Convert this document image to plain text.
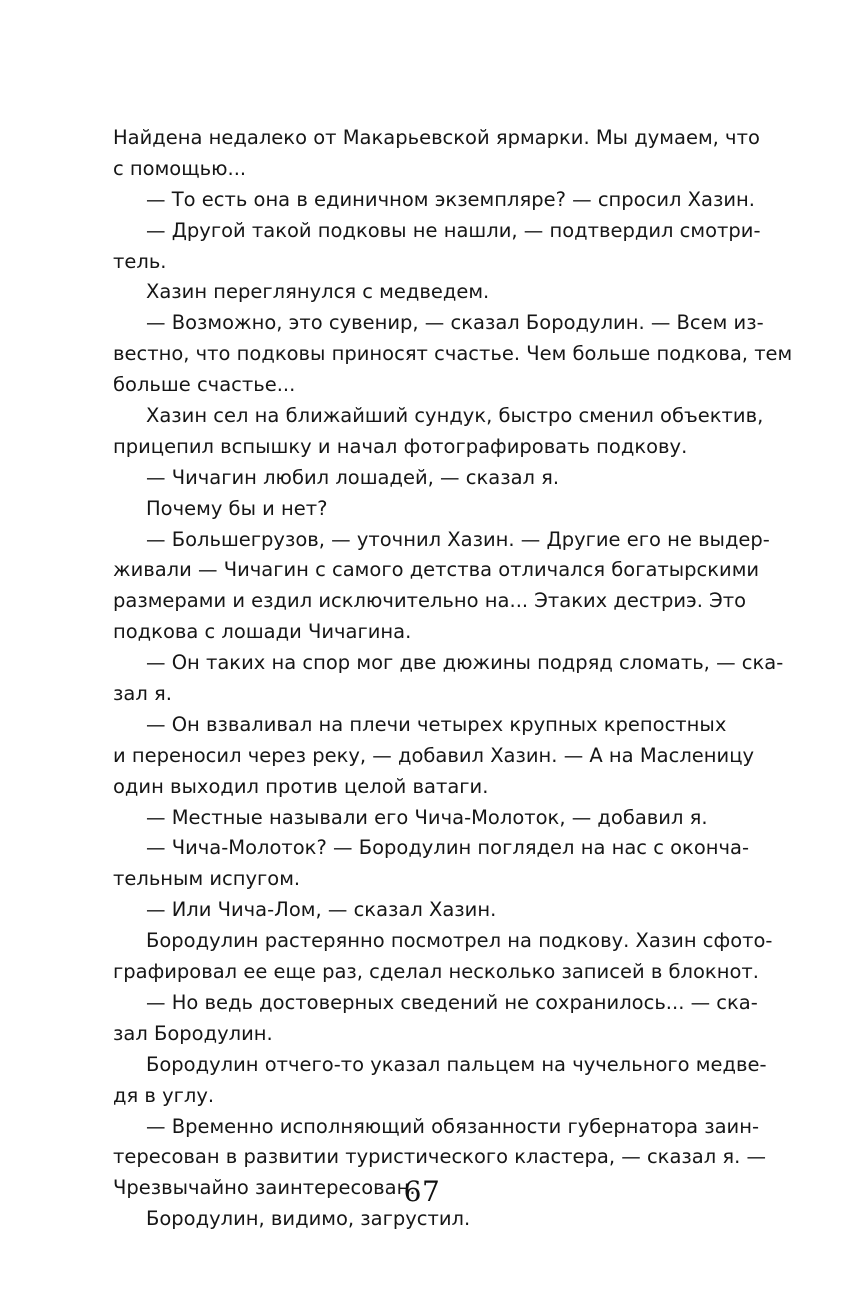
Найдена недалеко от Макарьевской ярмарки. Мы думаем, что
с помощью...
— То есть она в единичном экземпляре? — спросил Хазин.
— Другой такой подковы не нашли, — подтвердил смотри-
тель.
Хазин переглянулся с медведем.
— Возможно, это сувенир, — сказал Бородулин. — Всем из-
вестно, что подковы приносят счастье. Чем больше подкова, тем
больше счастье...
Хазин сел на ближайший сундук, быстро сменил объектив,
прицепил вспышку и начал фотографировать подкову.
— Чичагин любил лошадей, — сказал я.
Почему бы и нет?
— Большегрузов, — уточнил Хазин. — Другие его не выдер-
живали — Чичагин с самого детства отличался богатырскими
размерами и ездил исключительно на... Этаких дестриэ. Это
подкова с лошади Чичагина.
— Он таких на спор мог две дюжины подряд сломать, — ска-
зал я.
— Он взваливал на плечи четырех крупных крепостных
и переносил через реку, — добавил Хазин. — А на Масленицу
один выходил против целой ватаги.
— Местные называли его Чича-Молоток, — добавил я.
— Чича-Молоток? — Бородулин поглядел на нас с оконча-
тельным испугом.
— Или Чича-Лом, — сказал Хазин.
Бородулин растерянно посмотрел на подкову. Хазин сфото-
графировал ее еще раз, сделал несколько записей в блокнот.
— Но ведь достоверных сведений не сохранилось... — ска-
зал Бородулин.
Бородулин отчего-то указал пальцем на чучельного медве-
дя в углу.
— Временно исполняющий обязанности губернатора заин-
тересован в развитии туристического кластера, — сказал я. —
Чрезвычайно заинтересован.
Бородулин, видимо, загрустил.
67
